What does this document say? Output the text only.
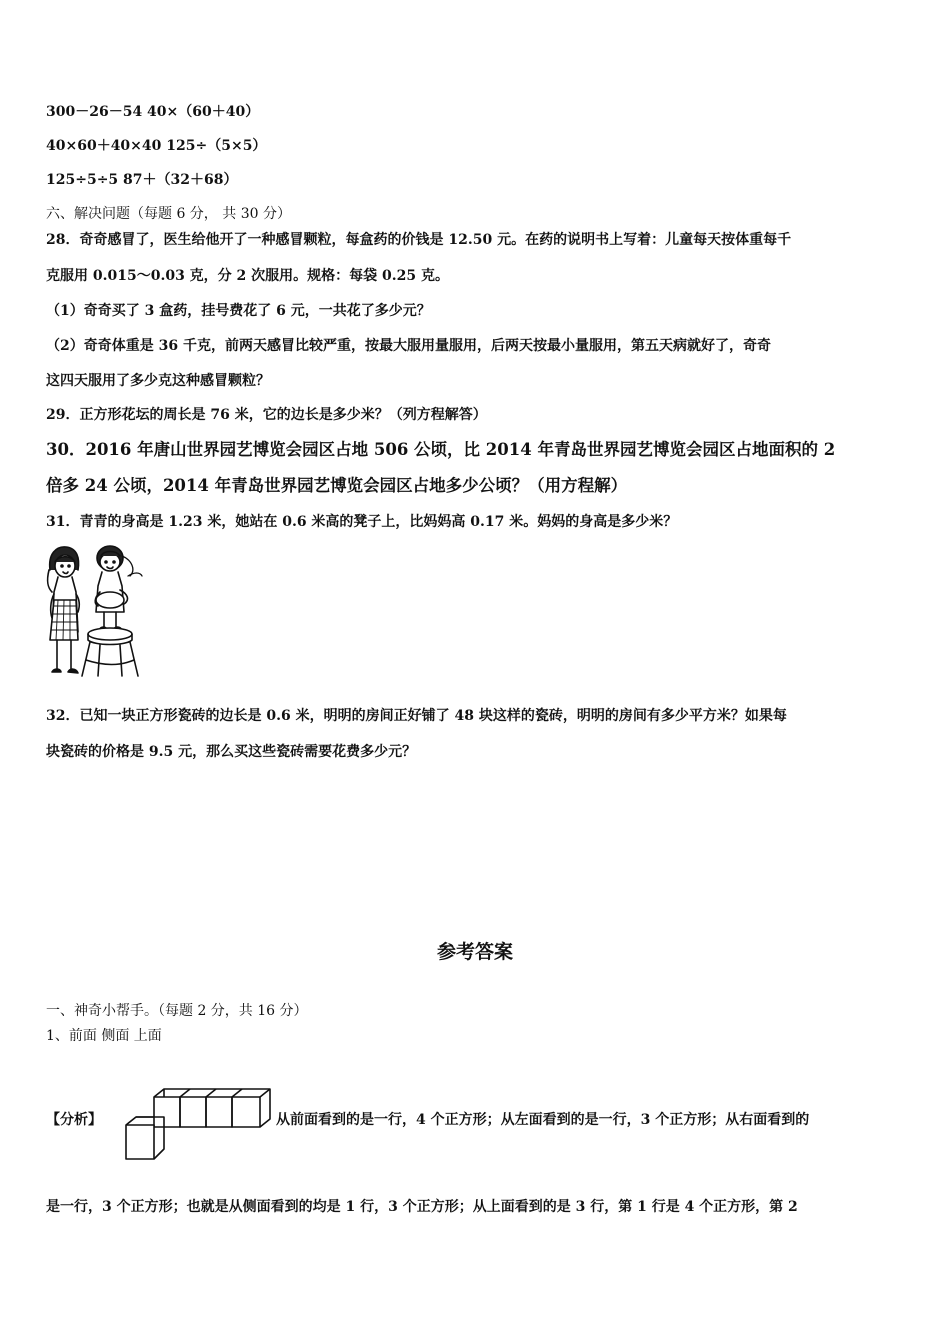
300－26－54 40×（60＋40）
40×60＋40×40 125÷（5×5）
125÷5÷5 87＋（32＋68）
六、解决问题（每题 6 分， 共 30 分）
28．奇奇感冒了，医生给他开了一种感冒颗粒，每盒药的价钱是 12.50 元。在药的说明书上写着：儿童每天按体重每千
克服用 0.015～0.03 克，分 2 次服用。规格：每袋 0.25 克。
（1）奇奇买了 3 盒药，挂号费花了 6 元，一共花了多少元？
（2）奇奇体重是 36 千克，前两天感冒比较严重，按最大服用量服用，后两天按最小量服用，第五天病就好了，奇奇
这四天服用了多少克这种感冒颗粒？
29．正方形花坛的周长是 76 米，它的边长是多少米？（列方程解答）
30．2016 年唐山世界园艺博览会园区占地 506 公顷，比 2014 年青岛世界园艺博览会园区占地面积的 2
倍多 24 公顷，2014 年青岛世界园艺博览会园区占地多少公顷？（用方程解）
31．青青的身高是 1.23 米，她站在 0.6 米高的凳子上，比妈妈高 0.17 米。妈妈的身高是多少米？
32．已知一块正方形瓷砖的边长是 0.6 米，明明的房间正好铺了 48 块这样的瓷砖，明明的房间有多少平方米？如果每
块瓷砖的价格是 9.5 元，那么买这些瓷砖需要花费多少元？
参考答案
一、神奇小帮手。（每题 2 分，共 16 分）
1、前面 侧面 上面
【分析】	从前面看到的是一行，4 个正方形；从左面看到的是一行，3 个正方形；从右面看到的
是一行，3 个正方形；也就是从侧面看到的均是 1 行，3 个正方形；从上面看到的是 3 行，第 1 行是 4 个正方形，第 2
